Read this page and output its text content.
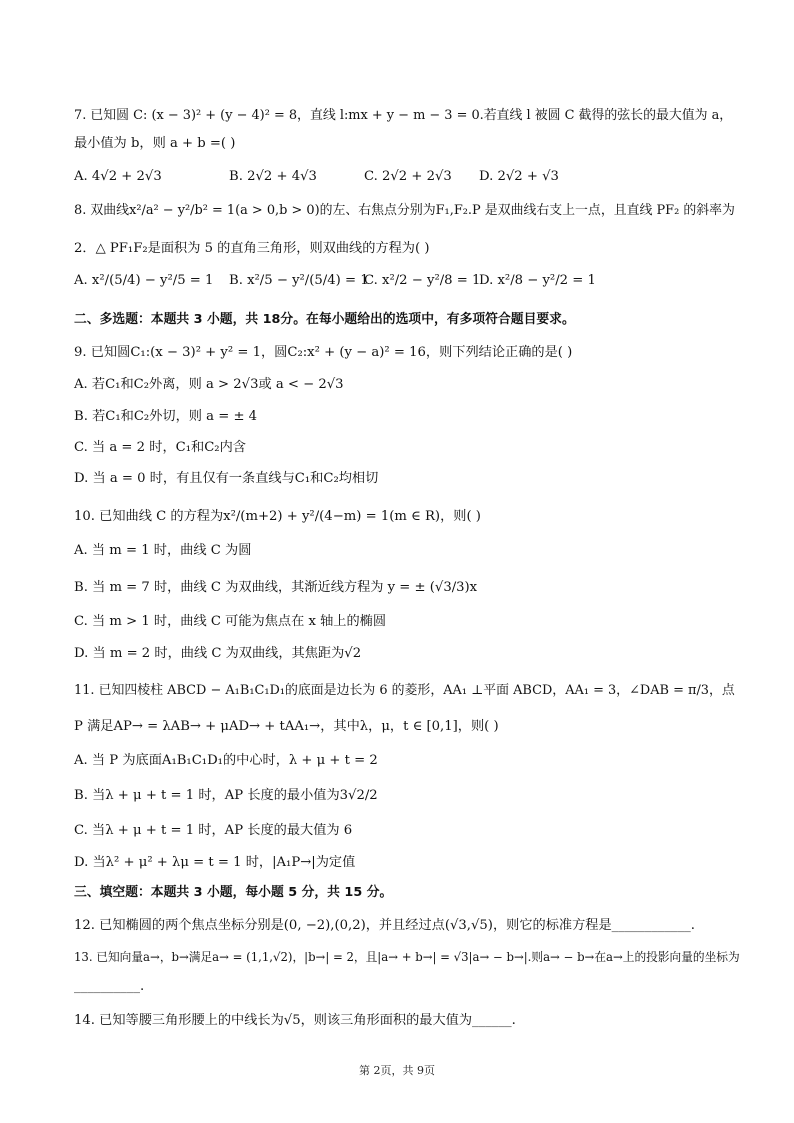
7. 已知圆 C: (x − 3)² + (y − 4)² = 8，直线 l:mx + y − m − 3 = 0.若直线 l 被圆 C 截得的弦长的最大值为 a，
最小值为 b，则 a + b =( )
A. 4√2 + 2√3	B. 2√2 + 4√3	C. 2√2 + 2√3 D. 2√2 + √3
8. 双曲线x²/a² − y²/b² = 1(a > 0,b > 0)的左、右焦点分别为F₁,F₂.P 是双曲线右支上一点，且直线 PF₂ 的斜率为
2．△ PF₁F₂是面积为 5 的直角三角形，则双曲线的方程为( )
A. x²/(5/4) − y²/5 = 1 B. x²/5 − y²/(5/4) = 1
C. x²/2 − y²/8 = 1
D. x²/8 − y²/2 = 1
二、多选题：本题共 3 小题，共 18分。在每小题给出的选项中，有多项符合题目要求。
9. 已知圆C₁:(x − 3)² + y² = 1，圆C₂:x² + (y − a)² = 16，则下列结论正确的是( )
A. 若C₁和C₂外离，则 a > 2√3或 a < − 2√3
B. 若C₁和C₂外切，则 a = ± 4
C. 当 a = 2 时，C₁和C₂内含
D. 当 a = 0 时，有且仅有一条直线与C₁和C₂均相切
10. 已知曲线 C 的方程为x²/(m+2) + y²/(4−m) = 1(m ∈ R)，则( )
A. 当 m = 1 时，曲线 C 为圆
B. 当 m = 7 时，曲线 C 为双曲线，其渐近线方程为 y = ± (√3/3)x
C. 当 m > 1 时，曲线 C 可能为焦点在 x 轴上的椭圆
D. 当 m = 2 时，曲线 C 为双曲线，其焦距为√2
11. 已知四棱柱 ABCD − A₁B₁C₁D₁的底面是边长为 6 的菱形，AA₁ ⊥平面 ABCD，AA₁ = 3，∠DAB = π/3，点
P 满足AP→ = λAB→ + μAD→ + tAA₁→，其中λ，μ，t ∈ [0,1]，则( )
A. 当 P 为底面A₁B₁C₁D₁的中心时，λ + μ + t = 2
B. 当λ + μ + t = 1 时，AP 长度的最小值为3√2/2
C. 当λ + μ + t = 1 时，AP 长度的最大值为 6
D. 当λ² + μ² + λμ = t = 1 时，|A₁P→|为定值
三、填空题：本题共 3 小题，每小题 5 分，共 15 分。
12. 已知椭圆的两个焦点坐标分别是(0, −2),(0,2)，并且经过点(√3,√5)，则它的标准方程是____________.
13. 已知向量a→，b→满足a→ = (1,1,√2)，|b→| = 2，且|a→ + b→| = √3|a→ − b→|.则a→ − b→在a→上的投影向量的坐标为
__________.
14. 已知等腰三角形腰上的中线长为√5，则该三角形面积的最大值为______.
第 2页，共 9页
